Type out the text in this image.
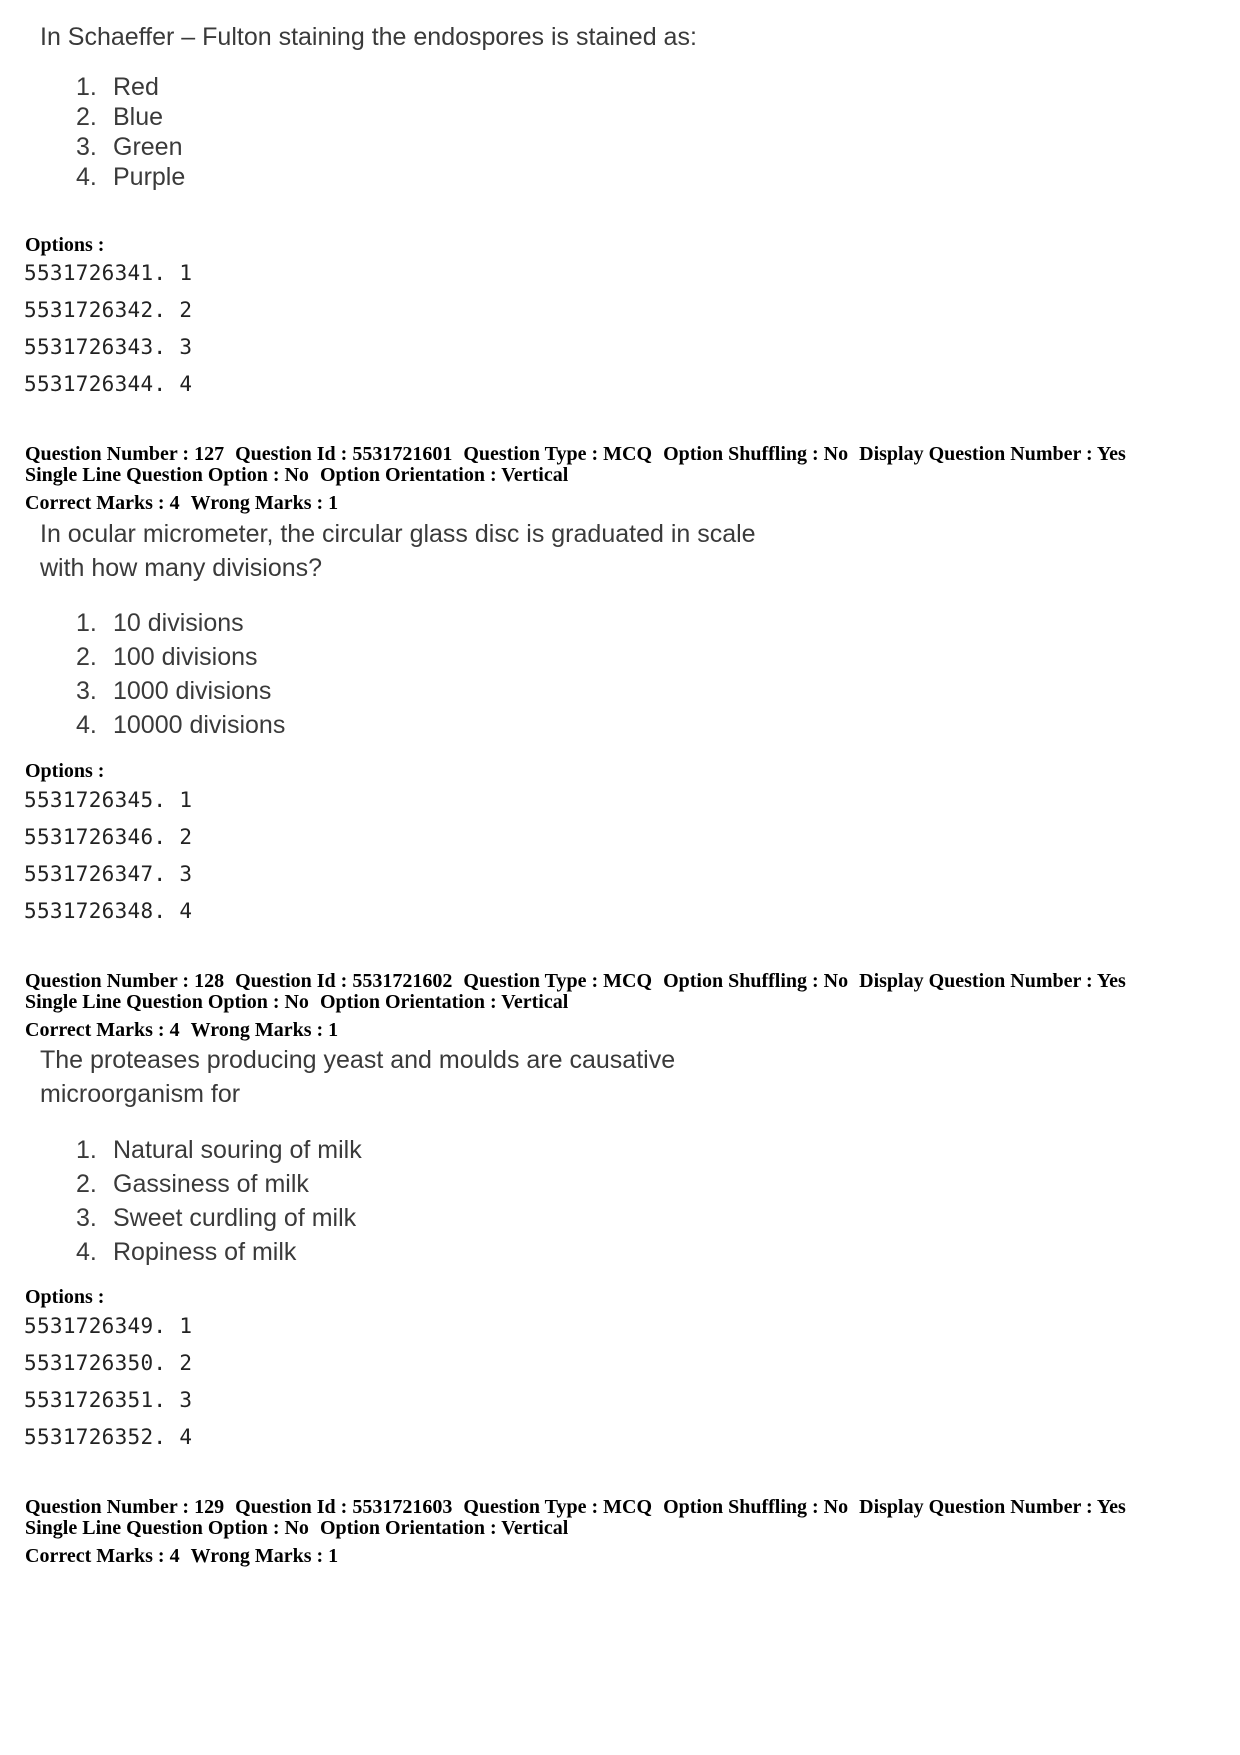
In Schaeffer – Fulton staining the endospores is stained as:
1. Red
2. Blue
3. Green
4. Purple
Options :
5531726341. 1
5531726342. 2
5531726343. 3
5531726344. 4
Question Number : 127 Question Id : 5531721601 Question Type : MCQ Option Shuffling : No Display Question Number : Yes
Single Line Question Option : No Option Orientation : Vertical
Correct Marks : 4 Wrong Marks : 1
In ocular micrometer, the circular glass disc is graduated in scale
with how many divisions?
1. 10 divisions
2. 100 divisions
3. 1000 divisions
4. 10000 divisions
Options :
5531726345. 1
5531726346. 2
5531726347. 3
5531726348. 4
Question Number : 128 Question Id : 5531721602 Question Type : MCQ Option Shuffling : No Display Question Number : Yes
Single Line Question Option : No Option Orientation : Vertical
Correct Marks : 4 Wrong Marks : 1
The proteases producing yeast and moulds are causative
microorganism for
1. Natural souring of milk
2. Gassiness of milk
3. Sweet curdling of milk
4. Ropiness of milk
Options :
5531726349. 1
5531726350. 2
5531726351. 3
5531726352. 4
Question Number : 129 Question Id : 5531721603 Question Type : MCQ Option Shuffling : No Display Question Number : Yes
Single Line Question Option : No Option Orientation : Vertical
Correct Marks : 4 Wrong Marks : 1
